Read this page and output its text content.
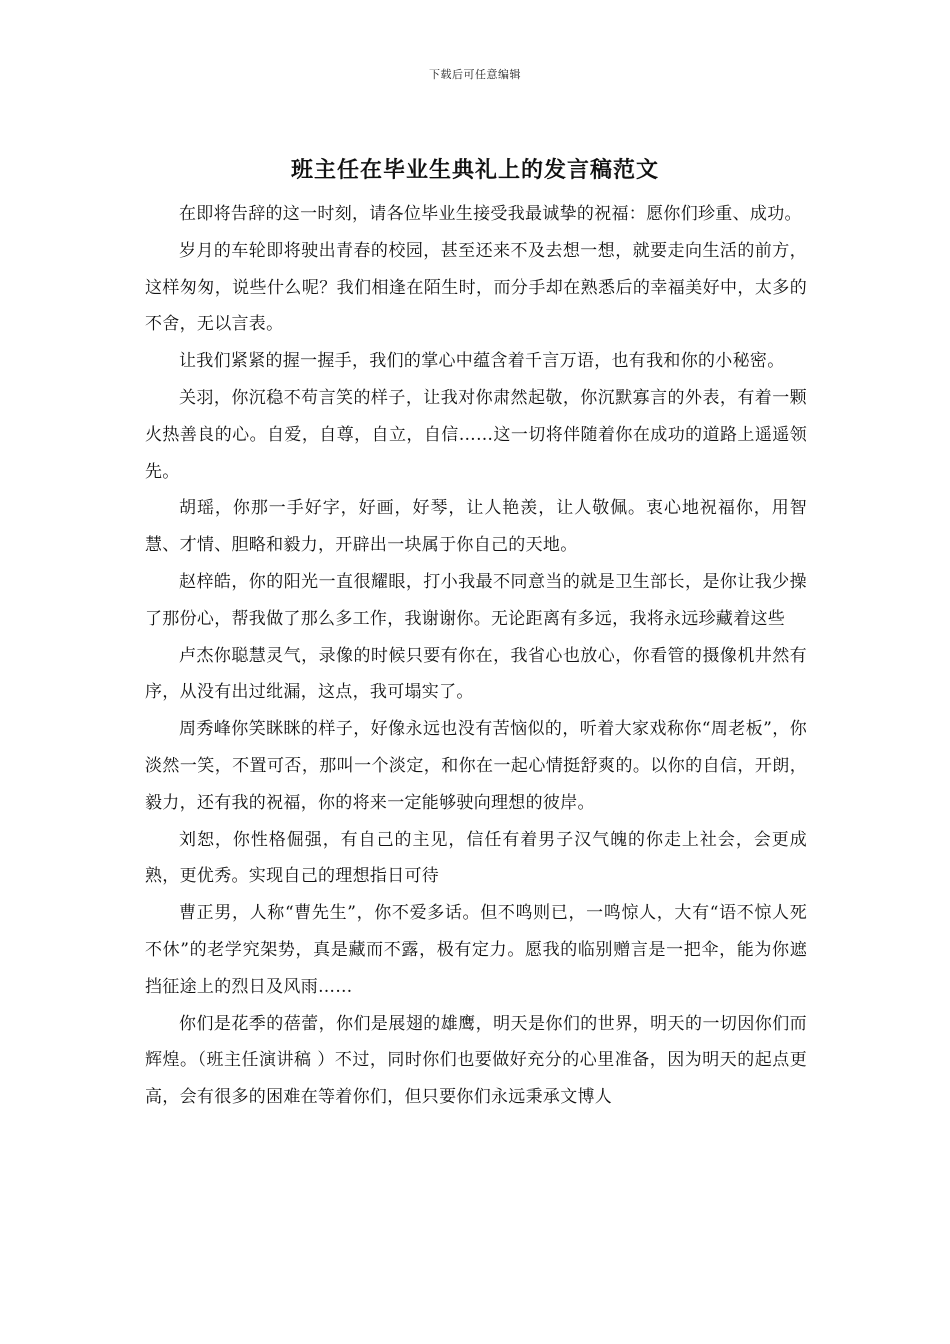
下载后可任意编辑
班主任在毕业生典礼上的发言稿范文

在即将告辞的这一时刻，请各位毕业生接受我最诚挚的祝福：愿你们珍重、成功。

岁月的车轮即将驶出青春的校园，甚至还来不及去想一想，就要走向生活的前方，这样匆匆，说些什么呢？我们相逢在陌生时，而分手却在熟悉后的幸福美好中，太多的不舍，无以言表。

让我们紧紧的握一握手，我们的掌心中蕴含着千言万语，也有我和你的小秘密。

关羽，你沉稳不苟言笑的样子，让我对你肃然起敬，你沉默寡言的外表，有着一颗火热善良的心。自爱，自尊，自立，自信……这一切将伴随着你在成功的道路上遥遥领先。

胡瑶，你那一手好字，好画，好琴，让人艳羡，让人敬佩。衷心地祝福你，用智慧、才情、胆略和毅力，开辟出一块属于你自己的天地。

赵梓皓，你的阳光一直很耀眼，打小我最不同意当的就是卫生部长，是你让我少操了那份心，帮我做了那么多工作，我谢谢你。无论距离有多远，我将永远珍藏着这些

卢杰你聪慧灵气，录像的时候只要有你在，我省心也放心，你看管的摄像机井然有序，从没有出过纰漏，这点，我可塌实了。

周秀峰你笑眯眯的样子，好像永远也没有苦恼似的，听着大家戏称你“周老板”，你淡然一笑，不置可否，那叫一个淡定，和你在一起心情挺舒爽的。以你的自信，开朗，毅力，还有我的祝福，你的将来一定能够驶向理想的彼岸。

刘恕，你性格倔强，有自己的主见，信任有着男子汉气魄的你走上社会，会更成熟，更优秀。实现自己的理想指日可待

曹正男，人称“曹先生”，你不爱多话。但不鸣则已，一鸣惊人，大有“语不惊人死不休”的老学究架势，真是藏而不露，极有定力。愿我的临别赠言是一把伞，能为你遮挡征途上的烈日及风雨……

你们是花季的蓓蕾，你们是展翅的雄鹰，明天是你们的世界，明天的一切因你们而辉煌。（班主任演讲稿 ）不过，同时你们也要做好充分的心里准备，因为明天的起点更高，会有很多的困难在等着你们，但只要你们永远秉承文博人
